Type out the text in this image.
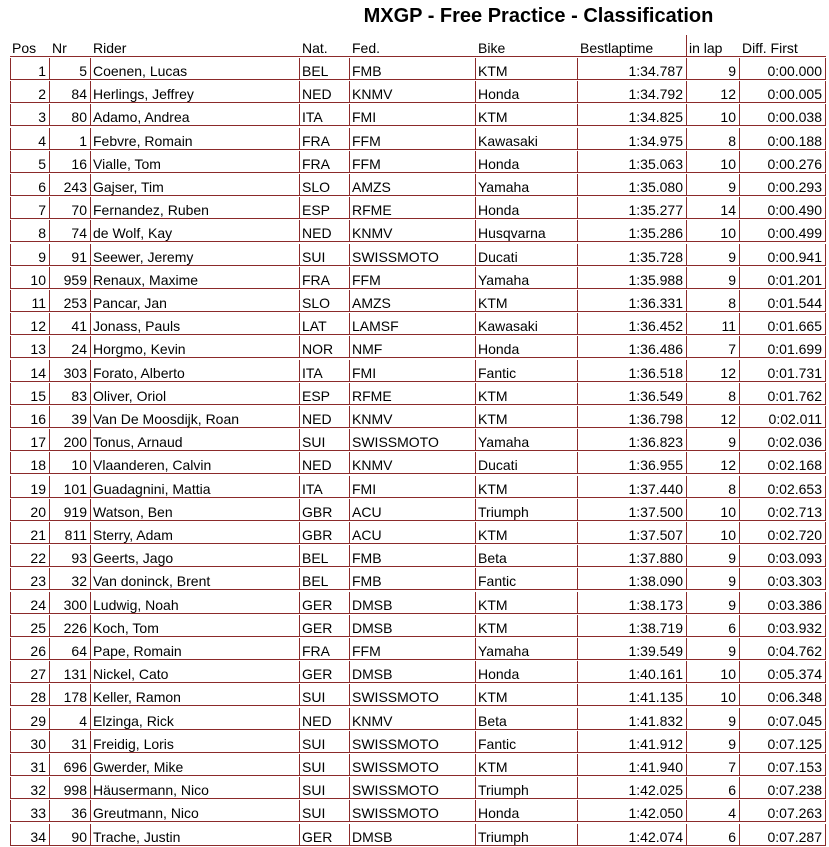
MXGP - Free Practice - Classification
Pos	Nr	Rider	Nat.	Fed.	Bike	Bestlaptime	in lap	Diff. First
1	5 Coenen, Lucas	BEL	FMB	KTM	1:34.787	9	0:00.000
2	84 Herlings, Jeffrey	NED	KNMV	Honda	1:34.792	12	0:00.005
3	80 Adamo, Andrea	ITA	FMI	KTM	1:34.825	10	0:00.038
4	1 Febvre, Romain	FRA	FFM	Kawasaki	1:34.975	8	0:00.188
5	16 Vialle, Tom	FRA	FFM	Honda	1:35.063	10	0:00.276
6	243 Gajser, Tim	SLO	AMZS	Yamaha	1:35.080	9	0:00.293
7	70 Fernandez, Ruben	ESP	RFME	Honda	1:35.277	14	0:00.490
8	74 de Wolf, Kay	NED	KNMV	Husqvarna	1:35.286	10	0:00.499
9	91 Seewer, Jeremy	SUI	SWISSMOTO	Ducati	1:35.728	9	0:00.941
10	959 Renaux, Maxime	FRA	FFM	Yamaha	1:35.988	9	0:01.201
11	253 Pancar, Jan	SLO	AMZS	KTM	1:36.331	8	0:01.544
12	41 Jonass, Pauls	LAT	LAMSF	Kawasaki	1:36.452	11	0:01.665
13	24 Horgmo, Kevin	NOR	NMF	Honda	1:36.486	7	0:01.699
14	303 Forato, Alberto	ITA	FMI	Fantic	1:36.518	12	0:01.731
15	83 Oliver, Oriol	ESP	RFME	KTM	1:36.549	8	0:01.762
16	39 Van De Moosdijk, Roan	NED	KNMV	KTM	1:36.798	12	0:02.011
17	200 Tonus, Arnaud	SUI	SWISSMOTO	Yamaha	1:36.823	9	0:02.036
18	10 Vlaanderen, Calvin	NED	KNMV	Ducati	1:36.955	12	0:02.168
19	101 Guadagnini, Mattia	ITA	FMI	KTM	1:37.440	8	0:02.653
20	919 Watson, Ben	GBR	ACU	Triumph	1:37.500	10	0:02.713
21	811 Sterry, Adam	GBR	ACU	KTM	1:37.507	10	0:02.720
22	93 Geerts, Jago	BEL	FMB	Beta	1:37.880	9	0:03.093
23	32 Van doninck, Brent	BEL	FMB	Fantic	1:38.090	9	0:03.303
24	300 Ludwig, Noah	GER	DMSB	KTM	1:38.173	9	0:03.386
25	226 Koch, Tom	GER	DMSB	KTM	1:38.719	6	0:03.932
26	64 Pape, Romain	FRA	FFM	Yamaha	1:39.549	9	0:04.762
27	131 Nickel, Cato	GER	DMSB	Honda	1:40.161	10	0:05.374
28	178 Keller, Ramon	SUI	SWISSMOTO	KTM	1:41.135	10	0:06.348
29	4 Elzinga, Rick	NED	KNMV	Beta	1:41.832	9	0:07.045
30	31 Freidig, Loris	SUI	SWISSMOTO	Fantic	1:41.912	9	0:07.125
31	696 Gwerder, Mike	SUI	SWISSMOTO	KTM	1:41.940	7	0:07.153
32	998 Häusermann, Nico	SUI	SWISSMOTO	Triumph	1:42.025	6	0:07.238
33	36 Greutmann, Nico	SUI	SWISSMOTO	Honda	1:42.050	4	0:07.263
34	90 Trache, Justin	GER	DMSB	Triumph	1:42.074	6	0:07.287
